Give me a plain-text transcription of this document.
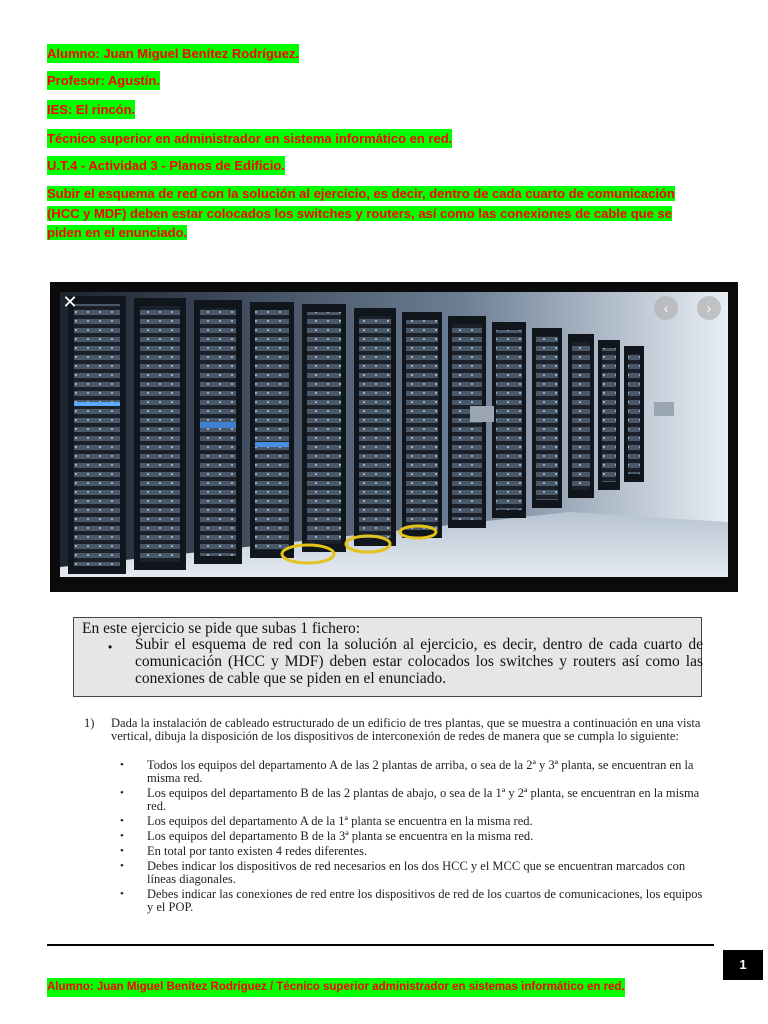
Alumno: Juan Miguel Benítez Rodríguez.
Profesor: Agustín.
IES: El rincón.
Técnico superior en administrador en sistema informático en red.
U.T.4 - Actividad 3 - Planos de Edificio.
Subir el esquema de red con la solución al ejercicio, es decir, dentro de cada cuarto de comunicación (HCC y MDF) deben estar colocados los switches y routers, así como las conexiones de cable que se piden en el enunciado.
✕	‹	›
En este ejercicio se pide que subas 1 fichero:
• Subir el esquema de red con la solución al ejercicio, es decir, dentro de cada cuarto de comunicación (HCC y MDF) deben estar colocados los switches y routers así como las conexiones de cable que se piden en el enunciado.
1) Dada la instalación de cableado estructurado de un edificio de tres plantas, que se muestra a continuación en una vista vertical, dibuja la disposición de los dispositivos de interconexión de redes de manera que se cumpla lo siguiente:
• Todos los equipos del departamento A de las 2 plantas de arriba, o sea de la 2ª y 3ª planta, se encuentran en la misma red.
• Los equipos del departamento B de las 2 plantas de abajo, o sea de la 1ª y 2ª planta, se encuentran en la misma red.
• Los equipos del departamento A de la 1ª planta se encuentra en la misma red.
• Los equipos del departamento B de la 3ª planta se encuentra en la misma red.
• En total por tanto existen 4 redes diferentes.
• Debes indicar los dispositivos de red necesarios en los dos HCC y el MCC que se encuentran marcados con líneas diagonales.
• Debes indicar las conexiones de red entre los dispositivos de red de los cuartos de comunicaciones, los equipos y el POP.
1
Alumno: Juan Miguel Benítez Rodríguez / Técnico superior administrador en sistemas informático en red.
